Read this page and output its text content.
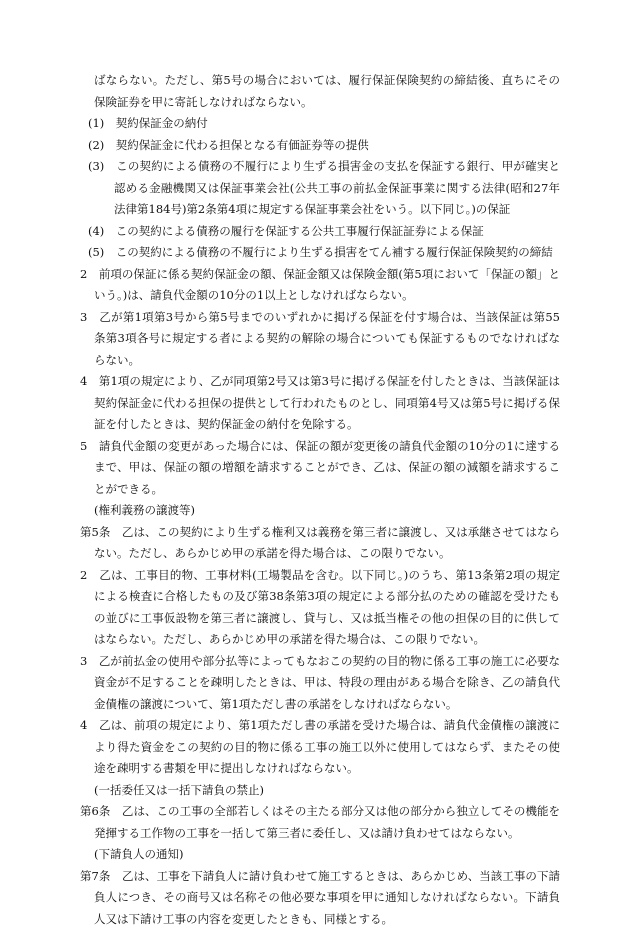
ばならない。ただし、第5号の場合においては、履行保証保険契約の締結後、直ちにその保険証券を甲に寄託しなければならない。

(1)　契約保証金の納付

(2)　契約保証金に代わる担保となる有価証券等の提供

(3)　この契約による債務の不履行により生ずる損害金の支払を保証する銀行、甲が確実と認める金融機関又は保証事業会社(公共工事の前払金保証事業に関する法律(昭和27年法律第184号)第2条第4項に規定する保証事業会社をいう。以下同じ。)の保証

(4)　この契約による債務の履行を保証する公共工事履行保証証券による保証

(5)　この契約による債務の不履行により生ずる損害をてん補する履行保証保険契約の締結

2　前項の保証に係る契約保証金の額、保証金額又は保険金額(第5項において「保証の額」という。)は、請負代金額の10分の1以上としなければならない。

3　乙が第1項第3号から第5号までのいずれかに掲げる保証を付す場合は、当該保証は第55条第3項各号に規定する者による契約の解除の場合についても保証するものでなければならない。

4　第1項の規定により、乙が同項第2号又は第3号に掲げる保証を付したときは、当該保証は契約保証金に代わる担保の提供として行われたものとし、同項第4号又は第5号に掲げる保証を付したときは、契約保証金の納付を免除する。

5　請負代金額の変更があった場合には、保証の額が変更後の請負代金額の10分の1に達するまで、甲は、保証の額の増額を請求することができ、乙は、保証の額の減額を請求することができる。

(権利義務の譲渡等)

第5条　乙は、この契約により生ずる権利又は義務を第三者に譲渡し、又は承継させてはならない。ただし、あらかじめ甲の承諾を得た場合は、この限りでない。

2　乙は、工事目的物、工事材料(工場製品を含む。以下同じ。)のうち、第13条第2項の規定による検査に合格したもの及び第38条第3項の規定による部分払のための確認を受けたもの並びに工事仮設物を第三者に譲渡し、貸与し、又は抵当権その他の担保の目的に供してはならない。ただし、あらかじめ甲の承諾を得た場合は、この限りでない。

3　乙が前払金の使用や部分払等によってもなおこの契約の目的物に係る工事の施工に必要な資金が不足することを疎明したときは、甲は、特段の理由がある場合を除き、乙の請負代金債権の譲渡について、第1項ただし書の承諾をしなければならない。

4　乙は、前項の規定により、第1項ただし書の承諾を受けた場合は、請負代金債権の譲渡により得た資金をこの契約の目的物に係る工事の施工以外に使用してはならず、またその使途を疎明する書類を甲に提出しなければならない。

(一括委任又は一括下請負の禁止)

第6条　乙は、この工事の全部若しくはその主たる部分又は他の部分から独立してその機能を発揮する工作物の工事を一括して第三者に委任し、又は請け負わせてはならない。

(下請負人の通知)

第7条　乙は、工事を下請負人に請け負わせて施工するときは、あらかじめ、当該工事の下請負人につき、その商号又は名称その他必要な事項を甲に通知しなければならない。下請負人又は下請け工事の内容を変更したときも、同様とする。
